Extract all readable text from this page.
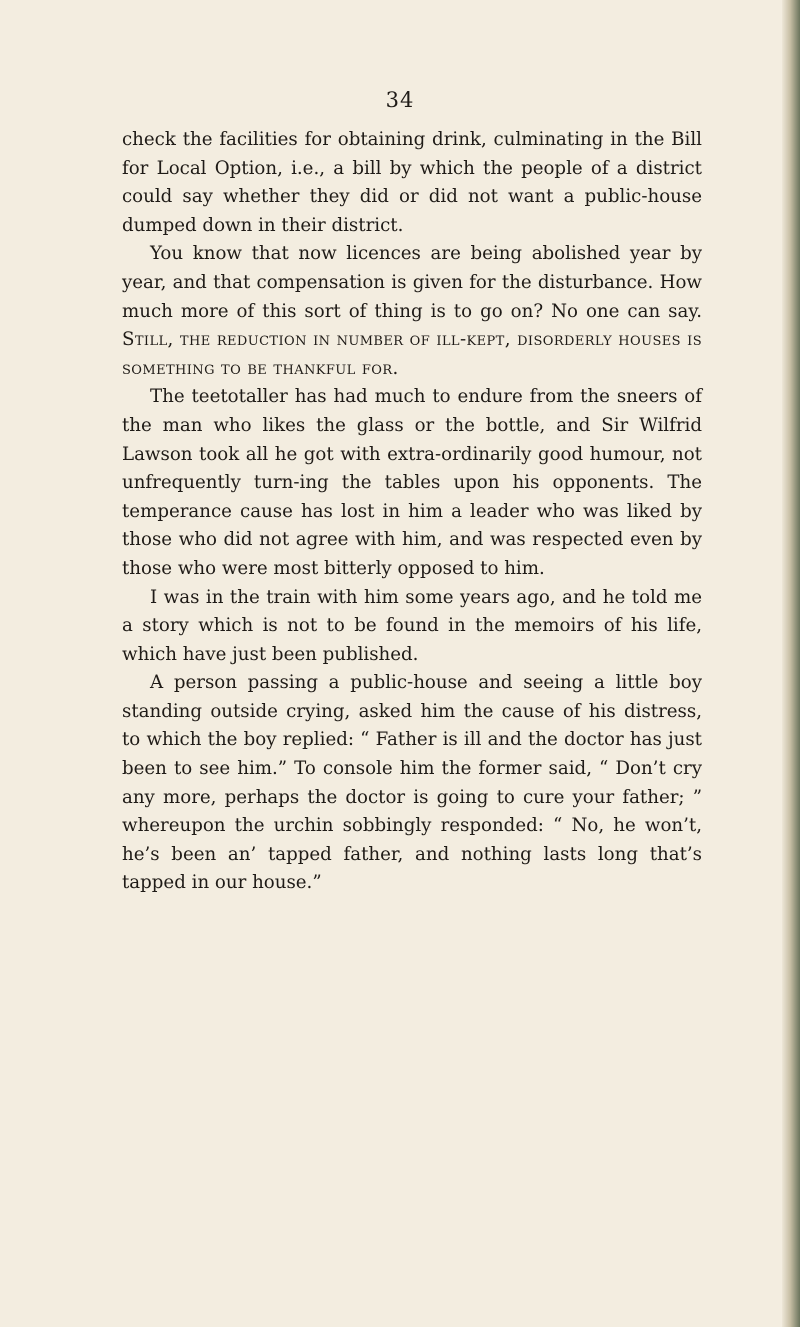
34

check the facilities for obtaining drink, culminating in the Bill for Local Option, i.e., a bill by which the people of a district could say whether they did or did not want a public-house dumped down in their district.

You know that now licences are being abolished year by year, and that compensation is given for the disturbance. How much more of this sort of thing is to go on? No one can say. Still, the reduction in number of ill-kept, disorderly houses is something to be thankful for.

The teetotaller has had much to endure from the sneers of the man who likes the glass or the bottle, and Sir Wilfrid Lawson took all he got with extra-ordinarily good humour, not unfrequently turn-ing the tables upon his opponents. The temperance cause has lost in him a leader who was liked by those who did not agree with him, and was respected even by those who were most bitterly opposed to him.

I was in the train with him some years ago, and he told me a story which is not to be found in the memoirs of his life, which have just been published.

A person passing a public-house and seeing a little boy standing outside crying, asked him the cause of his distress, to which the boy replied: “ Father is ill and the doctor has just been to see him.” To console him the former said, “ Don’t cry any more, perhaps the doctor is going to cure your father; ” whereupon the urchin sobbingly responded: “ No, he won’t, he’s been an’ tapped father, and nothing lasts long that’s tapped in our house.”
